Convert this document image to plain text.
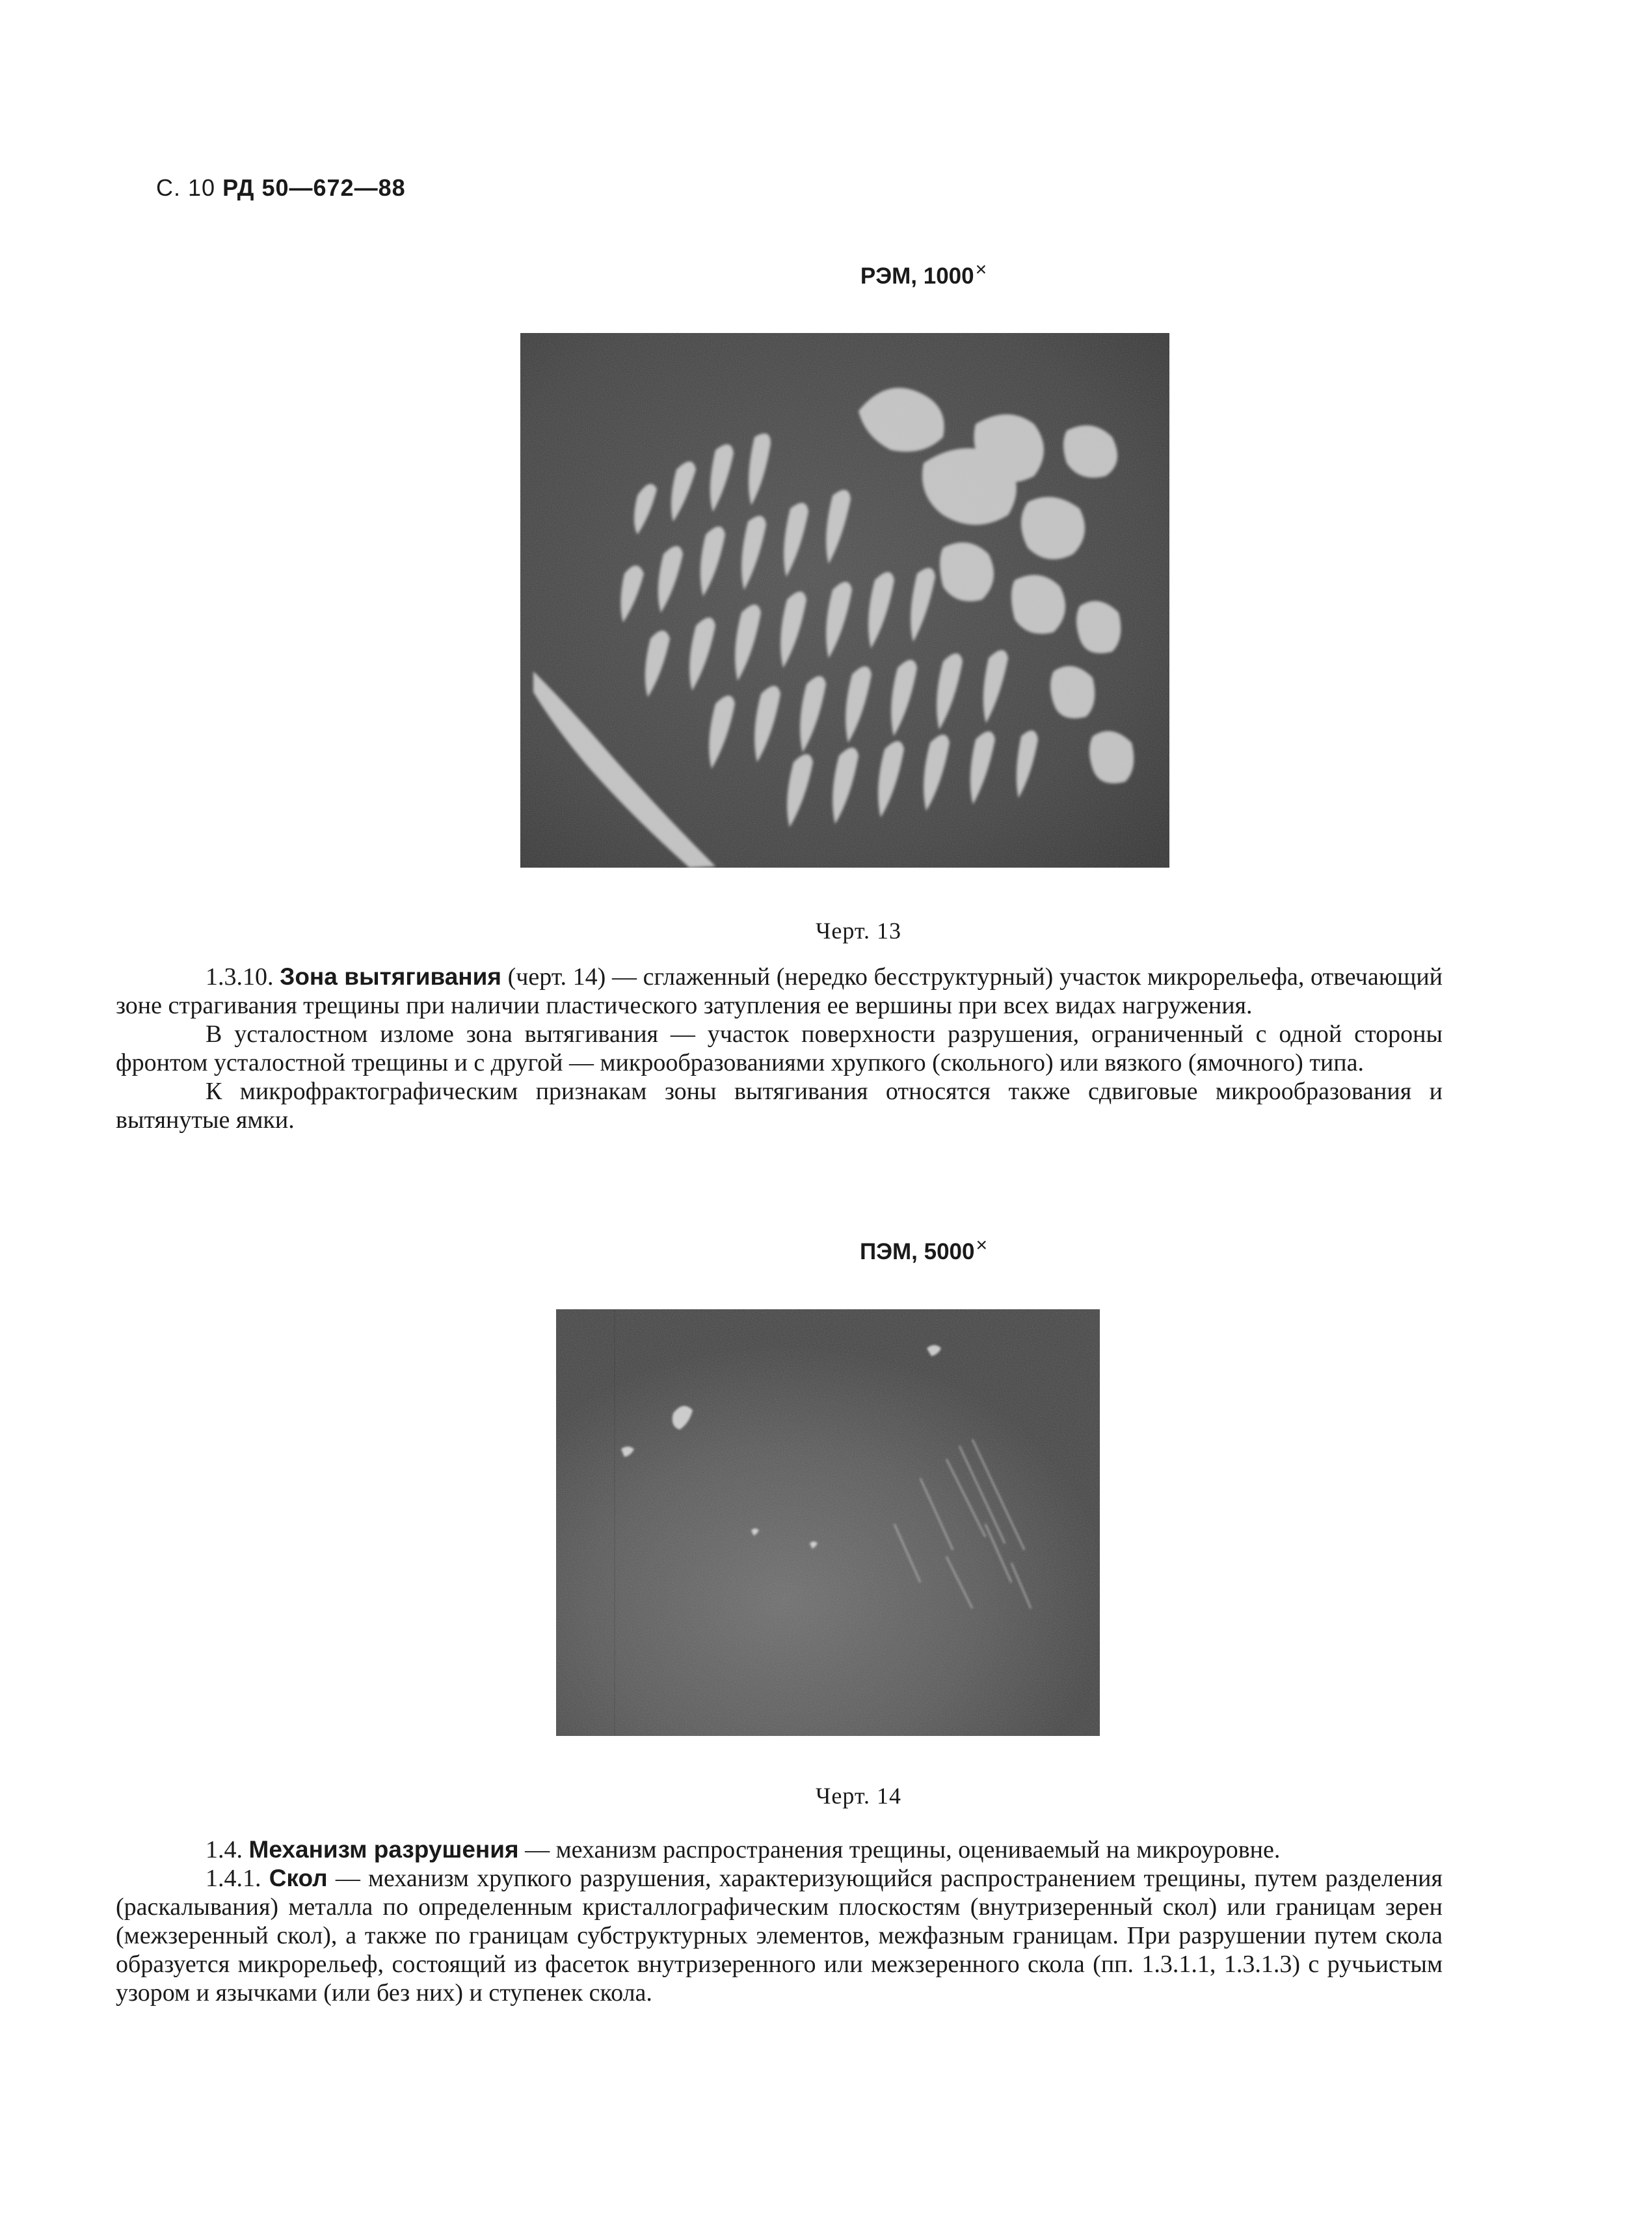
С. 10 РД 50—672—88
РЭМ, 1000×
Черт. 13

1.3.10. Зона вытягивания (черт. 14) — сглаженный (нередко бесструктурный) участок микрорельефа, отвечающий зоне страгивания трещины при наличии пластического затупления ее вершины при всех видах нагружения.

В усталостном изломе зона вытягивания — участок поверхности разрушения, ограниченный с одной стороны фронтом усталостной трещины и с другой — микрообразованиями хрупкого (скольного) или вязкого (ямочного) типа.

К микрофрактографическим признакам зоны вытягивания относятся также сдвиговые микрообразования и вытянутые ямки.

ПЭМ, 5000×
Черт. 14

1.4. Механизм разрушения — механизм распространения трещины, оцениваемый на микроуровне.

1.4.1. Скол — механизм хрупкого разрушения, характеризующийся распространением трещины, путем разделения (раскалывания) металла по определенным кристаллографическим плоскостям (внутризеренный скол) или границам зерен (межзеренный скол), а также по границам субструктурных элементов, межфазным границам. При разрушении путем скола образуется микрорельеф, состоящий из фасеток внутризеренного или межзеренного скола (пп. 1.3.1.1, 1.3.1.3) с ручьистым узором и язычками (или без них) и ступенек скола.
